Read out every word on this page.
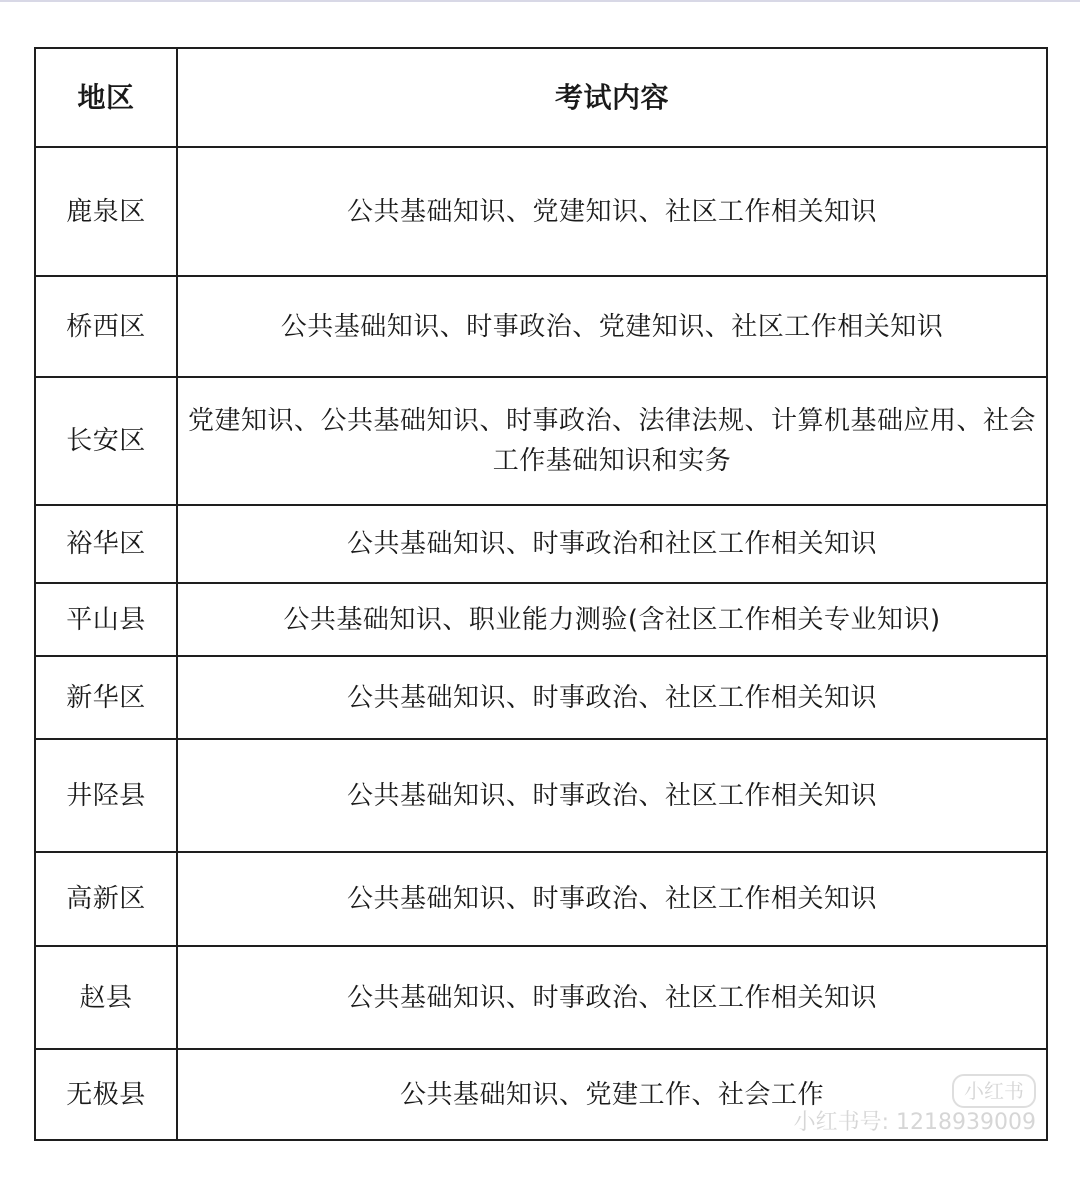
地区	考试内容
鹿泉区	公共基础知识、党建知识、社区工作相关知识
桥西区	公共基础知识、时事政治、党建知识、社区工作相关知识
长安区	党建知识、公共基础知识、时事政治、法律法规、计算机基础应用、社会工作基础知识和实务
裕华区	公共基础知识、时事政治和社区工作相关知识
平山县	公共基础知识、职业能力测验(含社区工作相关专业知识)
新华区	公共基础知识、时事政治、社区工作相关知识
井陉县	公共基础知识、时事政治、社区工作相关知识
高新区	公共基础知识、时事政治、社区工作相关知识
赵县	公共基础知识、时事政治、社区工作相关知识
无极县	公共基础知识、党建工作、社会工作	小红书
小红书号: 1218939009
